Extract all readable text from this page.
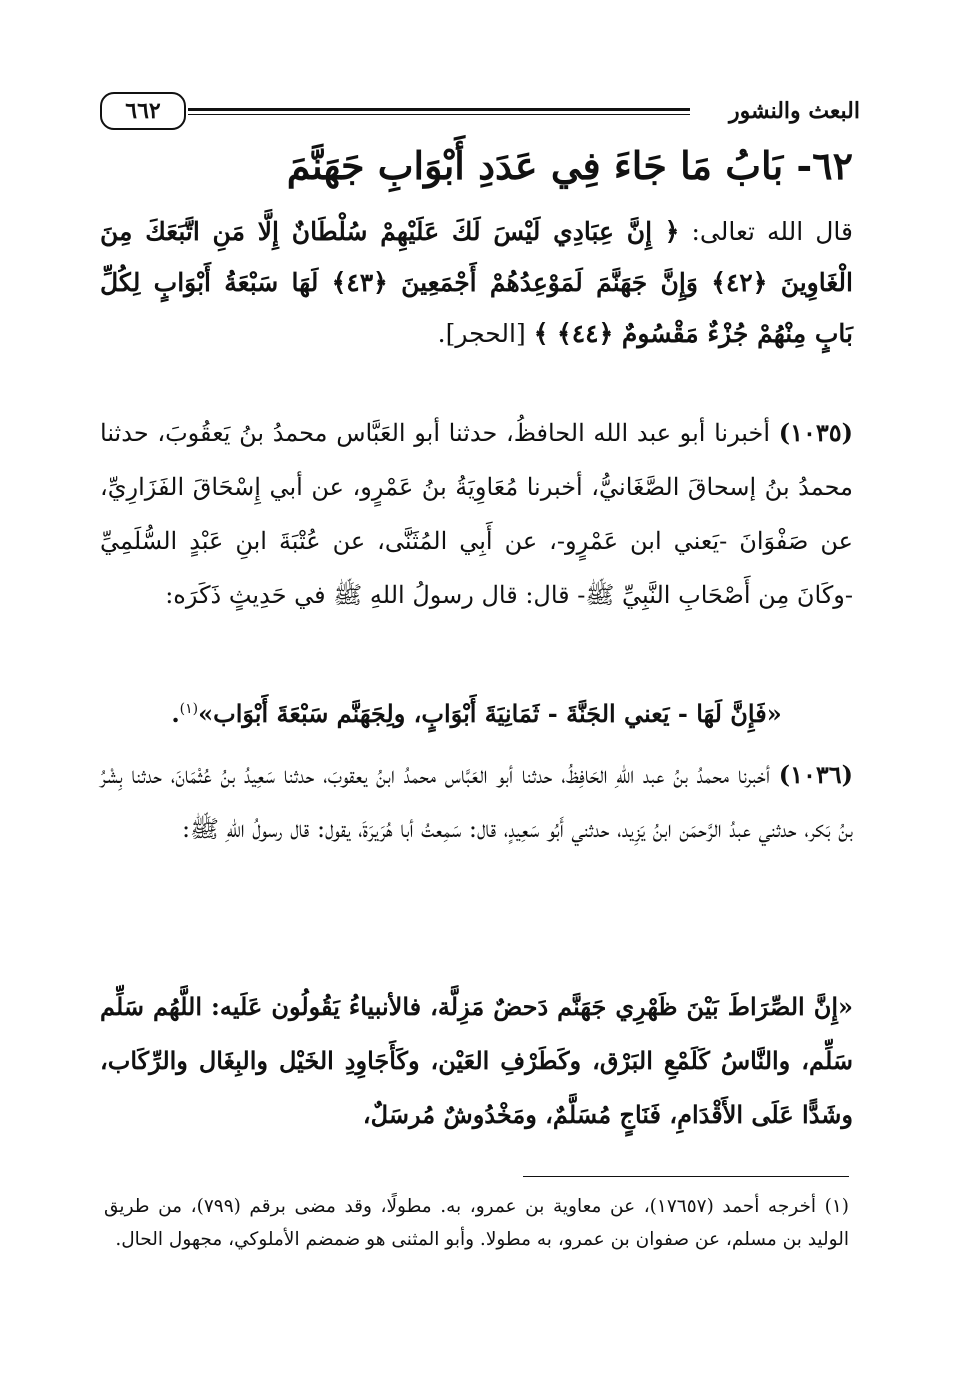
البعث والنشور
٦٦٢
٦٢- بَابُ مَا جَاءَ فِي عَدَدِ أَبْوَابِ جَهَنَّمَ
قال الله تعالى: ﴿ إِنَّ عِبَادِي لَيْسَ لَكَ عَلَيْهِمْ سُلْطَانٌ إِلَّا مَنِ اتَّبَعَكَ مِنَ الْغَاوِينَ ﴿٤٢﴾ وَإِنَّ جَهَنَّمَ لَمَوْعِدُهُمْ أَجْمَعِينَ ﴿٤٣﴾ لَهَا سَبْعَةُ أَبْوَابٍ لِكُلِّ بَابٍ مِنْهُمْ جُزْءٌ مَقْسُومٌ ﴿٤٤﴾ ﴾ [الحجر].
(١٠٣٥) أخبرنا أبو عبد الله الحافظُ، حدثنا أبو العَبَّاس محمدُ بنُ يَعقُوبَ، حدثنا محمدُ بنُ إسحاقَ الصَّغَانيُّ، أخبرنا مُعَاوِيَةُ بنُ عَمْرٍو، عن أبي إِسْحَاقَ الفَزَارِيِّ، عن صَفْوَانَ -يَعني ابن عَمْرٍو-، عن أَبِي المُثَنَّى، عن عُتْبَةَ ابنِ عَبْدٍ السُّلَمِيِّ -وكَانَ مِن أَصْحَابِ النَّبِيِّ ﷺ- قال: قال رسولُ اللهِ ﷺ في حَدِيثٍ ذَكَرَه:
«فَإِنَّ لَهَا - يَعني الجَنَّةَ - ثَمَانِيَةَ أَبْوَابٍ، ولِجَهَنَّم سَبْعَةَ أَبْوَاب»$^{(١)}$.
(١٠٣٦) أخبرنا محمدُ بنُ عبد اللهِ الحَافِظُ، حدثنا أبو العَبَّاس محمدُ ابنُ يعقوبَ، حدثنا سَعِيدُ بنُ عُثْمَانَ، حدثنا بِشْرُ بنُ بَكر، حدثني عبدُ الرَّحمَن ابنُ يَزِيد، حدثني أَبُو سَعِيدٍ، قال: سَمِعتُ أبا هُرَيرَةَ، يقول: قال رسولُ اللهِ ﷺ:
«إِنَّ الصِّرَاطَ بَيْنَ ظَهْرِي جَهَنَّم دَحضٌ مَزِلَّة، فالأنبياءُ يَقُولُون عَلَيه: اللَّهُم سَلِّم سَلِّم، والنَّاسُ كَلَمْعِ البَرْق، وكَطَرْفِ العَيْن، وكَأَجَاوِدِ الخَيْل والبِغَال والرِّكَاب، وشَدًّا عَلَى الأَقْدَامِ، فَنَاجٍ مُسَلَّمٌ، ومَخْدُوشٌ مُرسَلٌ،
(١) أخرجه أحمد (١٧٦٥٧)، عن معاوية بن عمرو، به. مطولًا، وقد مضى برقم (٧٩٩)، من طريق الوليد بن مسلم، عن صفوان بن عمرو، به مطولا. وأبو المثنى هو ضمضم الأملوكي، مجهول الحال.
